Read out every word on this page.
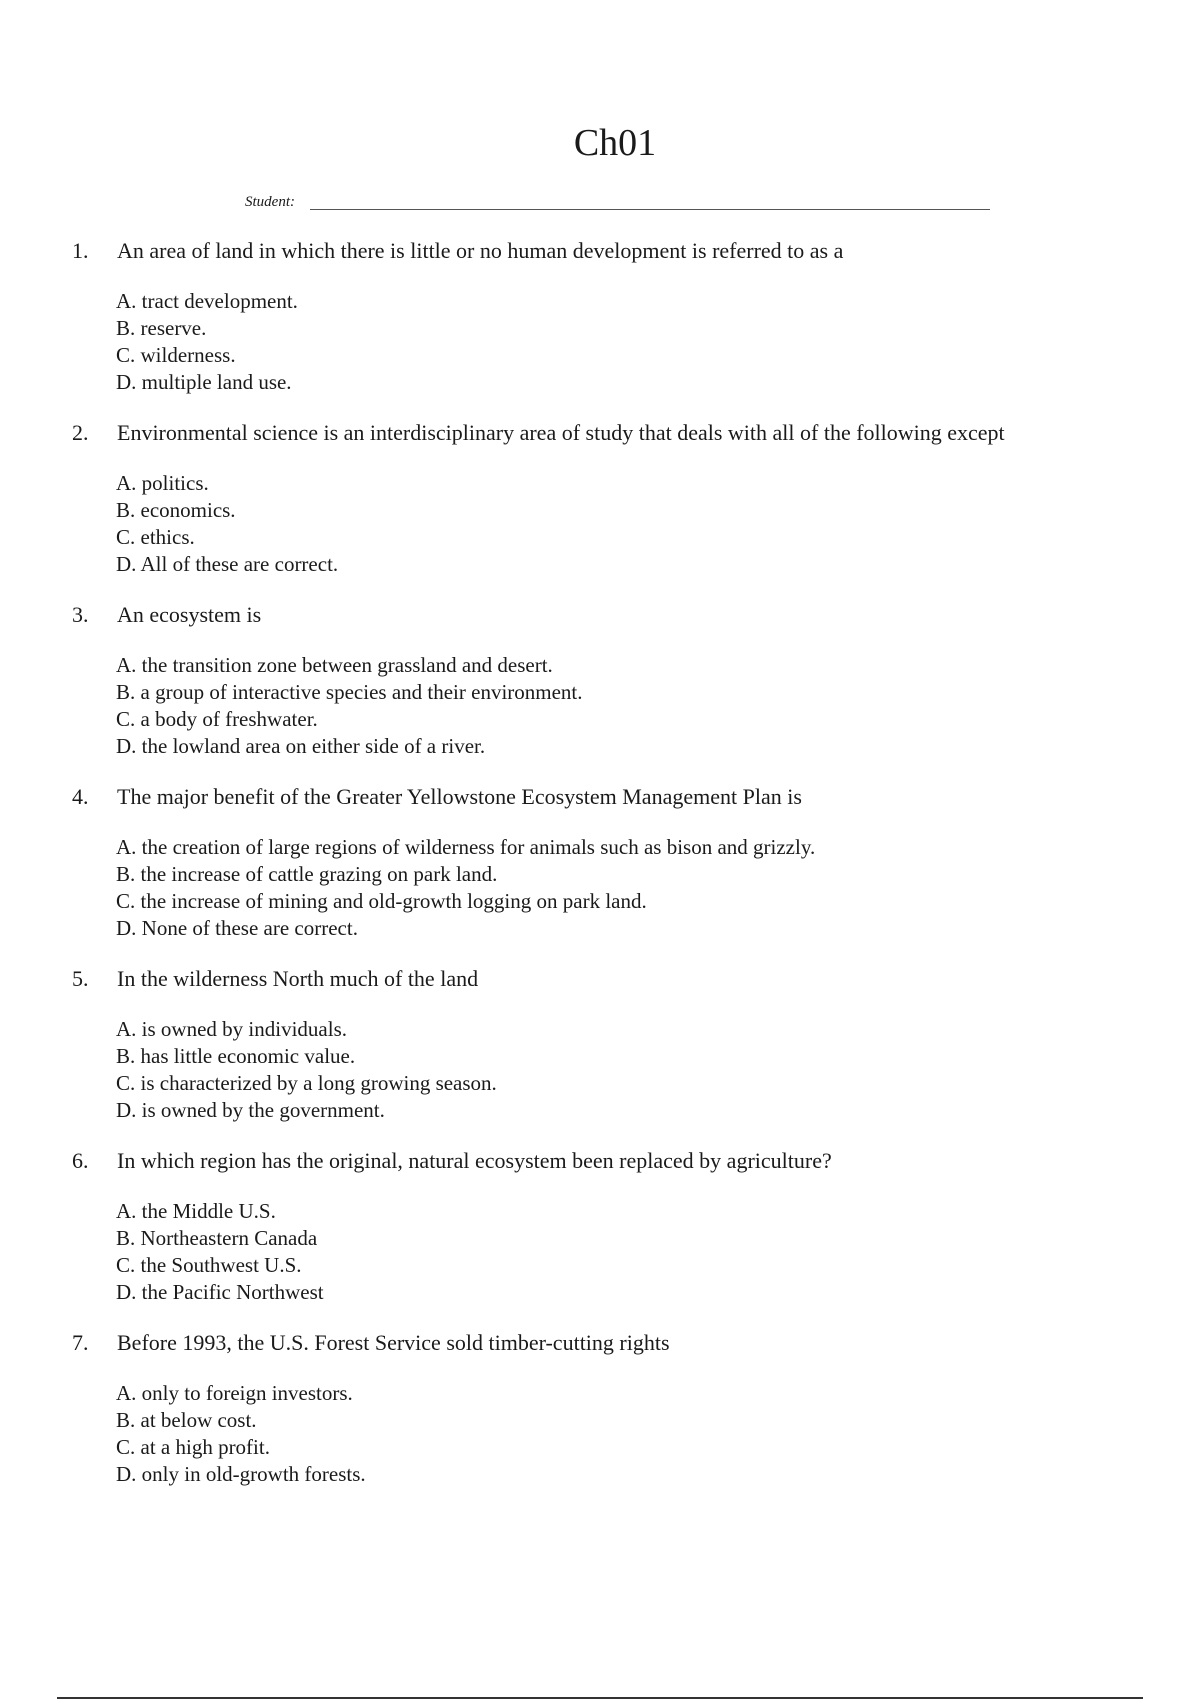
Ch01
Student:
1. An area of land in which there is little or no human development is referred to as a
A. tract development.
B. reserve.
C. wilderness.
D. multiple land use.
2. Environmental science is an interdisciplinary area of study that deals with all of the following except
A. politics.
B. economics.
C. ethics.
D. All of these are correct.
3. An ecosystem is
A. the transition zone between grassland and desert.
B. a group of interactive species and their environment.
C. a body of freshwater.
D. the lowland area on either side of a river.
4. The major benefit of the Greater Yellowstone Ecosystem Management Plan is
A. the creation of large regions of wilderness for animals such as bison and grizzly.
B. the increase of cattle grazing on park land.
C. the increase of mining and old-growth logging on park land.
D. None of these are correct.
5. In the wilderness North much of the land
A. is owned by individuals.
B. has little economic value.
C. is characterized by a long growing season.
D. is owned by the government.
6. In which region has the original, natural ecosystem been replaced by agriculture?
A. the Middle U.S.
B. Northeastern Canada
C. the Southwest U.S.
D. the Pacific Northwest
7. Before 1993, the U.S. Forest Service sold timber-cutting rights
A. only to foreign investors.
B. at below cost.
C. at a high profit.
D. only in old-growth forests.
